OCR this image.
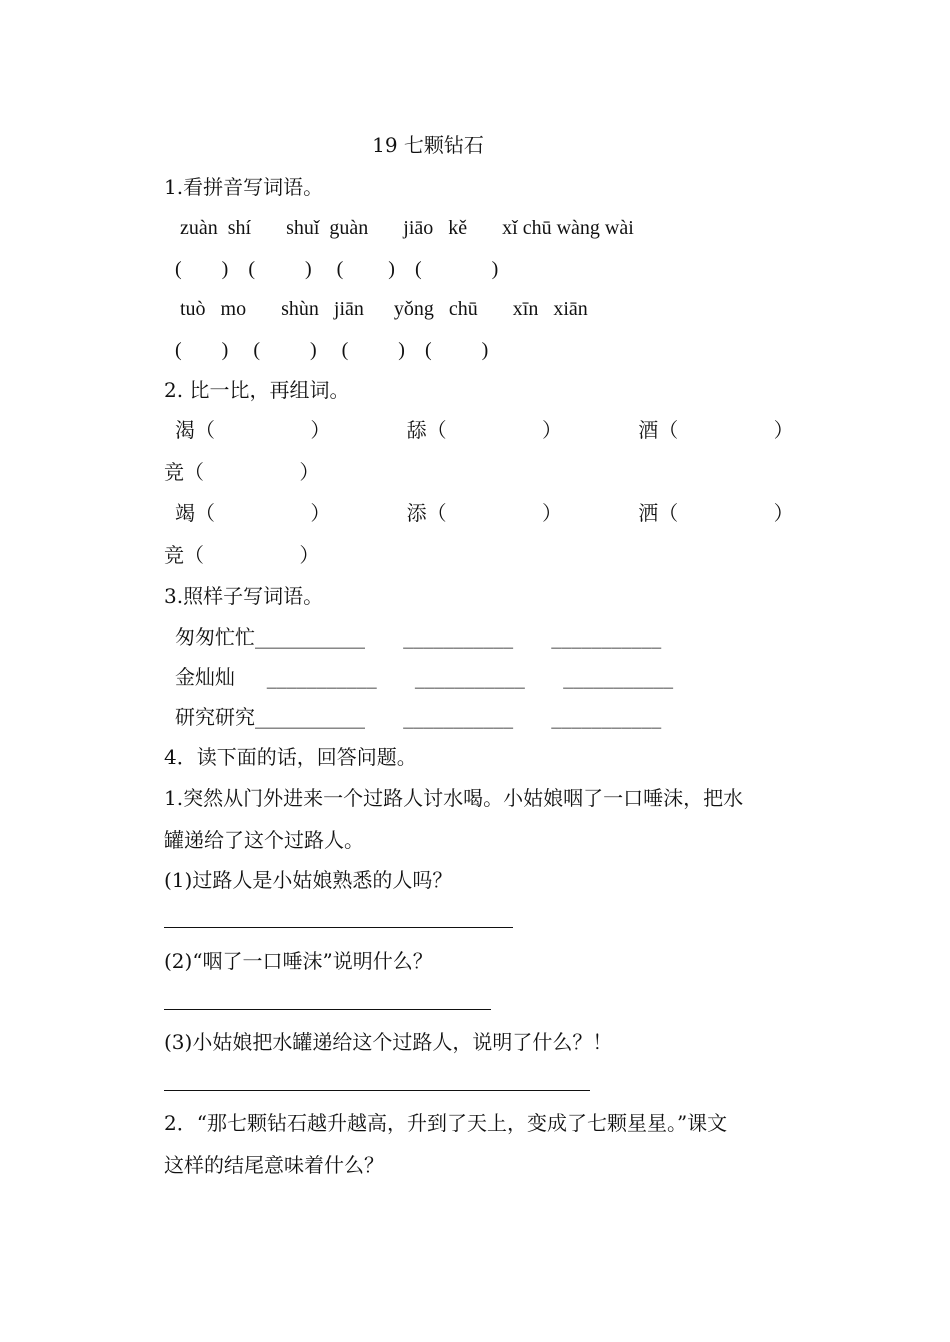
19 七颗钻石
1.看拼音写词语。
zuàn  shí       shuǐ  guàn       jiāo   kě       xǐ chū wàng wài
(        )    (          )     (         )    (              )
tuò   mo       shùn   jiān      yǒng   chū       xīn   xiān
(        )     (          )     (          )    (          )
2. 比一比，再组词。
渴（               ）            舔（               ）            酒（               ）
竞（               ）
竭（               ）            添（               ）            洒（               ）
竞（               ）
3.照样子写词语。
匆匆忙忙___________      ___________      ___________
金灿灿     ___________      ___________      ___________
研究研究___________      ___________      ___________
4．读下面的话，回答问题。
1.突然从门外进来一个过路人讨水喝。小姑娘咽了一口唾沫，把水
罐递给了这个过路人。
(1)过路人是小姑娘熟悉的人吗？
(2)“咽了一口唾沫”说明什么？
(3)小姑娘把水罐递给这个过路人，说明了什么？！
2．“那七颗钻石越升越高，升到了天上，变成了七颗星星。”课文
这样的结尾意味着什么？
